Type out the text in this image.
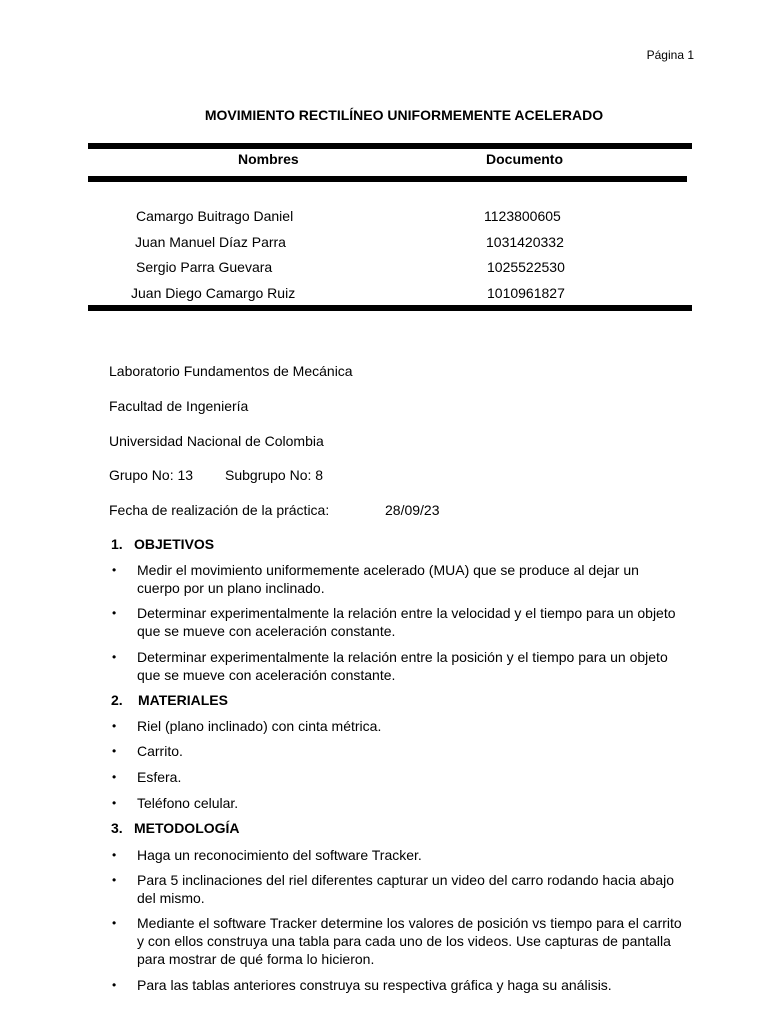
Página 1
MOVIMIENTO RECTILÍNEO UNIFORMEMENTE ACELERADO
Nombres	Documento
Camargo Buitrago Daniel	1123800605
Juan Manuel Díaz Parra	1031420332
Sergio Parra Guevara	1025522530
Juan Diego Camargo Ruiz	1010961827
Laboratorio Fundamentos de Mecánica
Facultad de Ingeniería
Universidad Nacional de Colombia
Grupo No: 13 Subgrupo No: 8
Fecha de realización de la práctica:	28/09/23
1. OBJETIVOS
• Medir el movimiento uniformemente acelerado (MUA) que se produce al dejar un cuerpo por un plano inclinado.
• Determinar experimentalmente la relación entre la velocidad y el tiempo para un objeto que se mueve con aceleración constante.
• Determinar experimentalmente la relación entre la posición y el tiempo para un objeto que se mueve con aceleración constante.
2. MATERIALES
• Riel (plano inclinado) con cinta métrica.
• Carrito.
• Esfera.
• Teléfono celular.
3. METODOLOGÍA
• Haga un reconocimiento del software Tracker.
• Para 5 inclinaciones del riel diferentes capturar un video del carro rodando hacia abajo del mismo.
• Mediante el software Tracker determine los valores de posición vs tiempo para el carrito y con ellos construya una tabla para cada uno de los videos. Use capturas de pantalla para mostrar de qué forma lo hicieron.
• Para las tablas anteriores construya su respectiva gráfica y haga su análisis.
